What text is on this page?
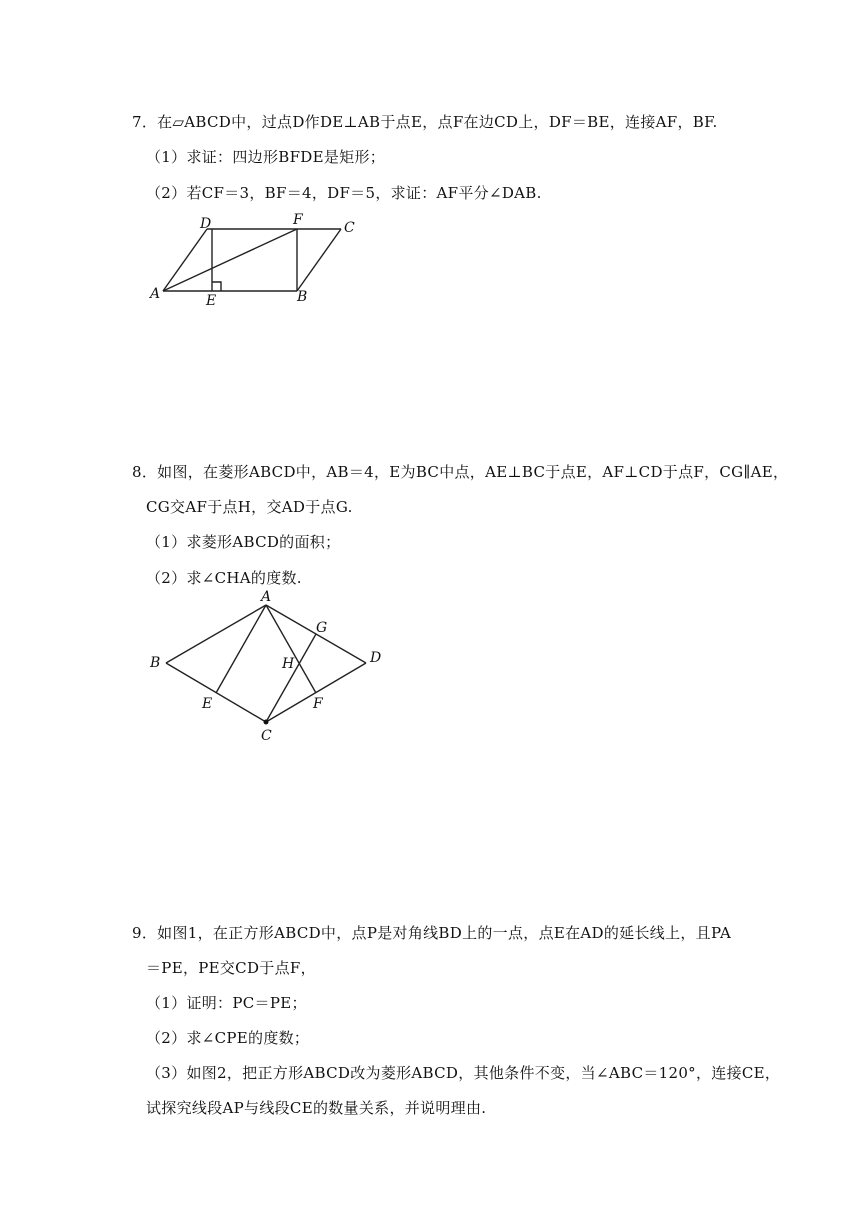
7．在▱ABCD中，过点D作DE⊥AB于点E，点F在边CD上，DF＝BE，连接AF，BF.
（1）求证：四边形BFDE是矩形；
（2）若CF＝3，BF＝4，DF＝5，求证：AF平分∠DAB.
A	B
C
D
E
F
8．如图，在菱形ABCD中，AB＝4，E为BC中点，AE⊥BC于点E，AF⊥CD于点F，CG∥AE，
CG交AF于点H，交AD于点G.
（1）求菱形ABCD的面积；
（2）求∠CHA的度数.
A
B
C
D
E	F
G
H
9．如图1，在正方形ABCD中，点P是对角线BD上的一点，点E在AD的延长线上，且PA
＝PE，PE交CD于点F，
（1）证明：PC＝PE；
（2）求∠CPE的度数；
（3）如图2，把正方形ABCD改为菱形ABCD，其他条件不变，当∠ABC＝120°，连接CE，
试探究线段AP与线段CE的数量关系，并说明理由.
